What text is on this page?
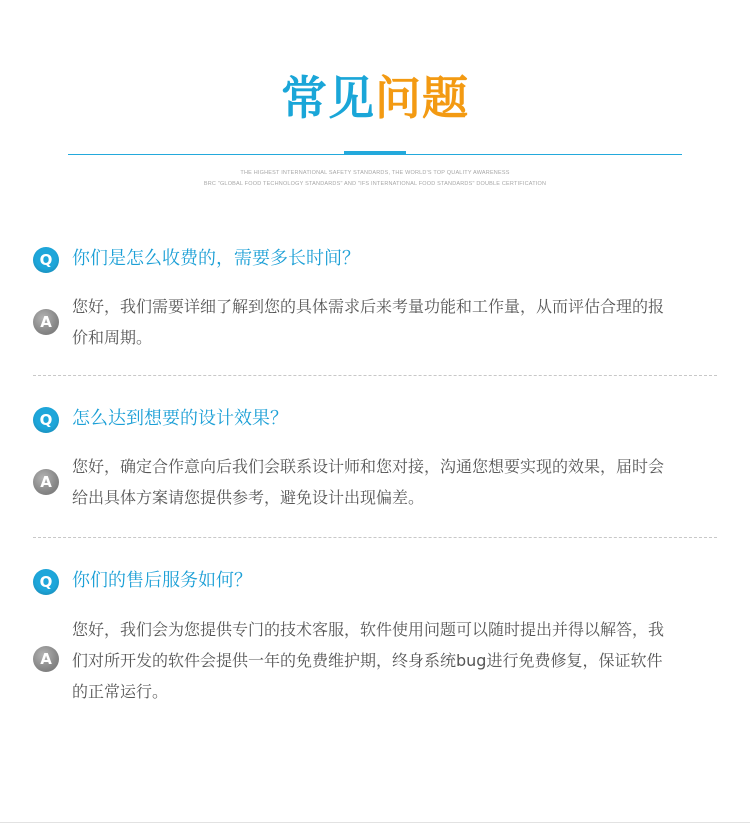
常见问题
THE HIGHEST INTERNATIONAL SAFETY STANDARDS, THE WORLD'S TOP QUALITY AWARENESS
BRC "GLOBAL FOOD TECHNOLOGY STANDARDS" AND "IFS INTERNATIONAL FOOD STANDARDS" DOUBLE CERTIFICATION
Q	你们是怎么收费的，需要多长时间？
A
您好，我们需要详细了解到您的具体需求后来考量功能和工作量，从而评估合理的报
价和周期。
Q	怎么达到想要的设计效果？
A
您好，确定合作意向后我们会联系设计师和您对接，沟通您想要实现的效果，届时会
给出具体方案请您提供参考，避免设计出现偏差。
Q	你们的售后服务如何？
A
您好，我们会为您提供专门的技术客服，软件使用问题可以随时提出并得以解答，我
们对所开发的软件会提供一年的免费维护期，终身系统bug进行免费修复，保证软件
的正常运行。
